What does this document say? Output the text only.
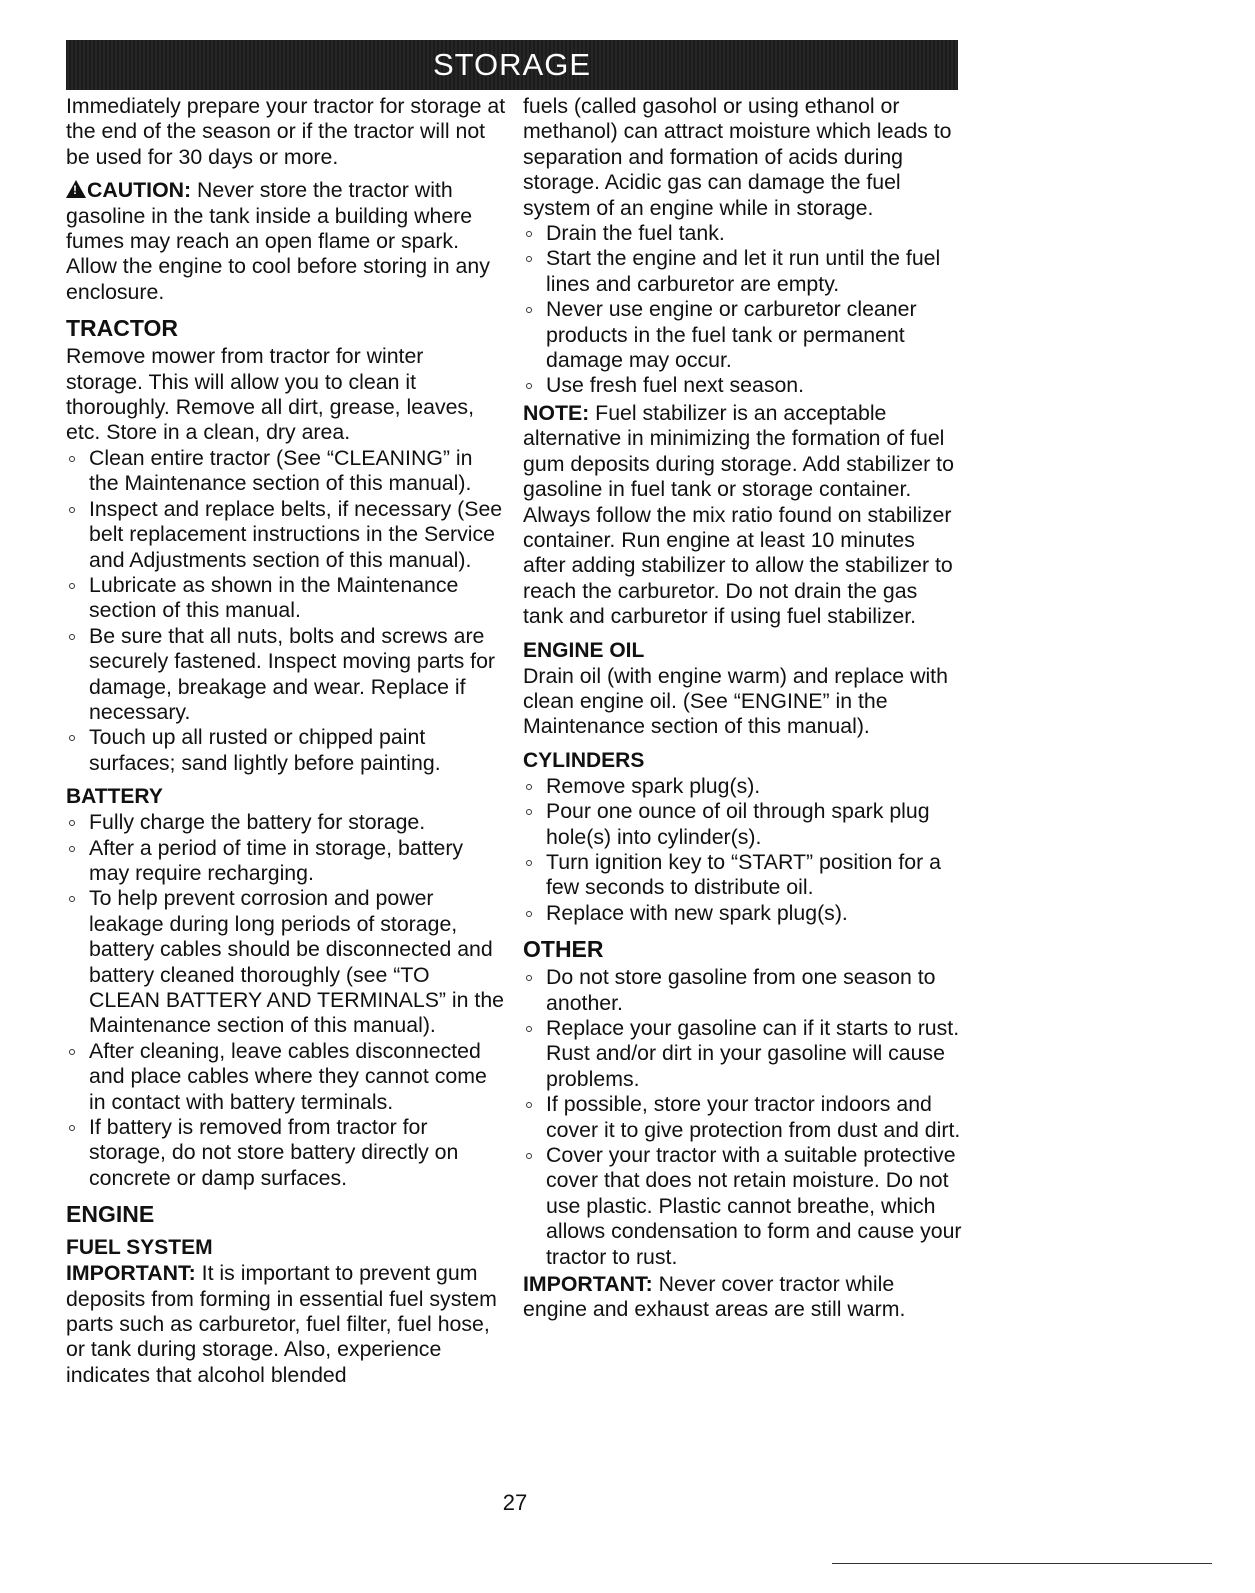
STORAGE

Immediately prepare your tractor for storage at the end of the season or if the tractor will not be used for 30 days or more.

!CAUTION: Never store the tractor with gasoline in the tank inside a building where fumes may reach an open flame or spark. Allow the engine to cool before storing in any enclosure.

TRACTOR

Remove mower from tractor for winter storage. This will allow you to clean it thoroughly. Remove all dirt, grease, leaves, etc. Store in a clean, dry area.

Clean entire tractor (See “CLEANING” in the Maintenance section of this manual).
Inspect and replace belts, if necessary (See belt replacement instructions in the Service and Adjustments section of this manual).
Lubricate as shown in the Maintenance section of this manual.
Be sure that all nuts, bolts and screws are securely fastened. Inspect moving parts for damage, breakage and wear. Replace if necessary.
Touch up all rusted or chipped paint surfaces; sand lightly before painting.
BATTERY
Fully charge the battery for storage.
After a period of time in storage, battery may require recharging.
To help prevent corrosion and power leakage during long periods of storage, battery cables should be disconnected and battery cleaned thoroughly (see “TO CLEAN BATTERY AND TERMINALS” in the Maintenance section of this manual).
After cleaning, leave cables disconnected and place cables where they cannot come in contact with battery terminals.
If battery is removed from tractor for storage, do not store battery directly on concrete or damp surfaces.
ENGINE
FUEL SYSTEM

IMPORTANT: It is important to prevent gum deposits from forming in essential fuel system parts such as carburetor, fuel filter, fuel hose, or tank during storage. Also, experience indicates that alcohol blended

fuels (called gasohol or using ethanol or methanol) can attract moisture which leads to separation and formation of acids during storage. Acidic gas can damage the fuel system of an engine while in storage.

Drain the fuel tank.
Start the engine and let it run until the fuel lines and carburetor are empty.
Never use engine or carburetor cleaner products in the fuel tank or permanent damage may occur.
Use fresh fuel next season.

NOTE: Fuel stabilizer is an acceptable alternative in minimizing the formation of fuel gum deposits during storage. Add stabilizer to gasoline in fuel tank or storage container. Always follow the mix ratio found on stabilizer container. Run engine at least 10 minutes after adding stabilizer to allow the stabilizer to reach the carburetor. Do not drain the gas tank and carburetor if using fuel stabilizer.

ENGINE OIL

Drain oil (with engine warm) and replace with clean engine oil. (See “ENGINE” in the Maintenance section of this manual).

CYLINDERS
Remove spark plug(s).
Pour one ounce of oil through spark plug hole(s) into cylinder(s).
Turn ignition key to “START” position for a few seconds to distribute oil.
Replace with new spark plug(s).
OTHER
Do not store gasoline from one season to another.
Replace your gasoline can if it starts to rust. Rust and/or dirt in your gasoline will cause problems.
If possible, store your tractor indoors and cover it to give protection from dust and dirt.
Cover your tractor with a suitable protective cover that does not retain moisture. Do not use plastic. Plastic cannot breathe, which allows condensation to form and cause your tractor to rust.

IMPORTANT: Never cover tractor while engine and exhaust areas are still warm.

27
